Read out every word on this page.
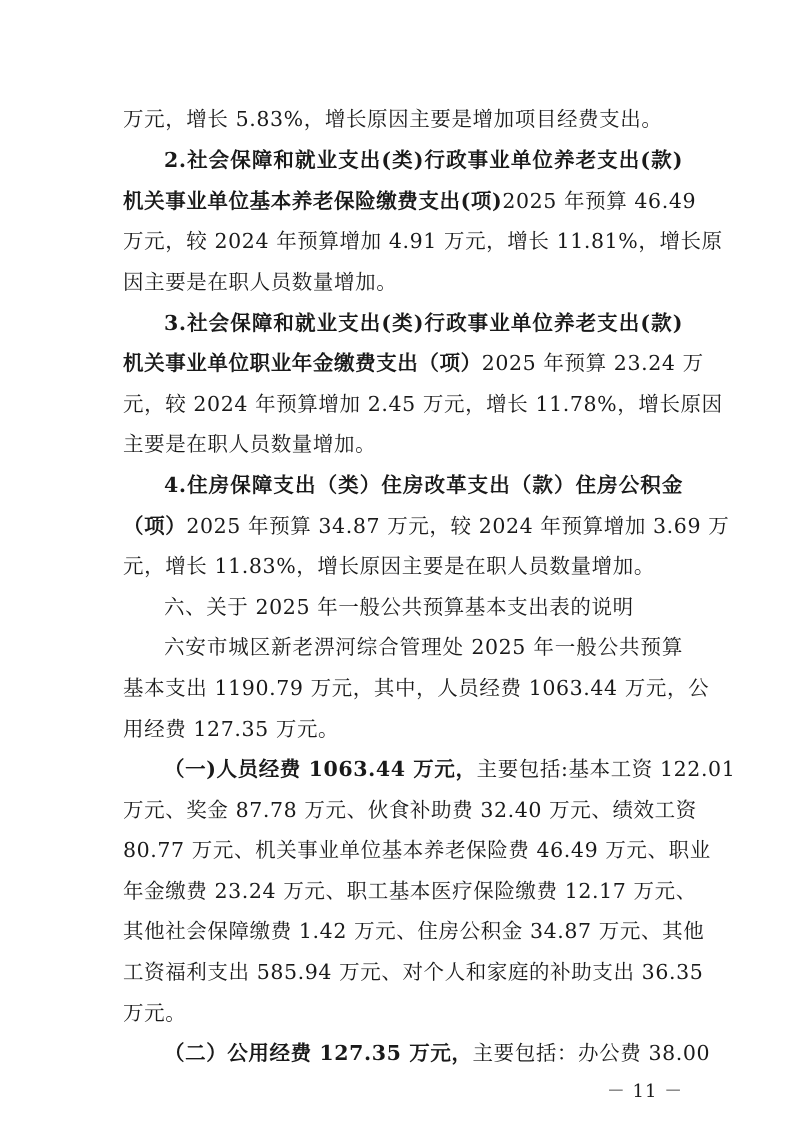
万元，增长 5.83%，增长原因主要是增加项目经费支出。
2.社会保障和就业支出(类)行政事业单位养老支出(款)
机关事业单位基本养老保险缴费支出(项)2025 年预算 46.49
万元，较 2024 年预算增加 4.91 万元，增长 11.81%，增长原
因主要是在职人员数量增加。
3.社会保障和就业支出(类)行政事业单位养老支出(款)
机关事业单位职业年金缴费支出（项）2025 年预算 23.24 万
元，较 2024 年预算增加 2.45 万元，增长 11.78%，增长原因
主要是在职人员数量增加。
4.住房保障支出（类）住房改革支出（款）住房公积金
（项）2025 年预算 34.87 万元，较 2024 年预算增加 3.69 万
元，增长 11.83%，增长原因主要是在职人员数量增加。
六、关于 2025 年一般公共预算基本支出表的说明
六安市城区新老淠河综合管理处 2025 年一般公共预算
基本支出 1190.79 万元，其中，人员经费 1063.44 万元，公
用经费 127.35 万元。
（一)人员经费 1063.44 万元，主要包括:基本工资 122.01
万元、奖金 87.78 万元、伙食补助费 32.40 万元、绩效工资
80.77 万元、机关事业单位基本养老保险费 46.49 万元、职业
年金缴费 23.24 万元、职工基本医疗保险缴费 12.17 万元、
其他社会保障缴费 1.42 万元、住房公积金 34.87 万元、其他
工资福利支出 585.94 万元、对个人和家庭的补助支出 36.35
万元。
（二）公用经费 127.35 万元，主要包括：办公费 38.00
－ 11 －
